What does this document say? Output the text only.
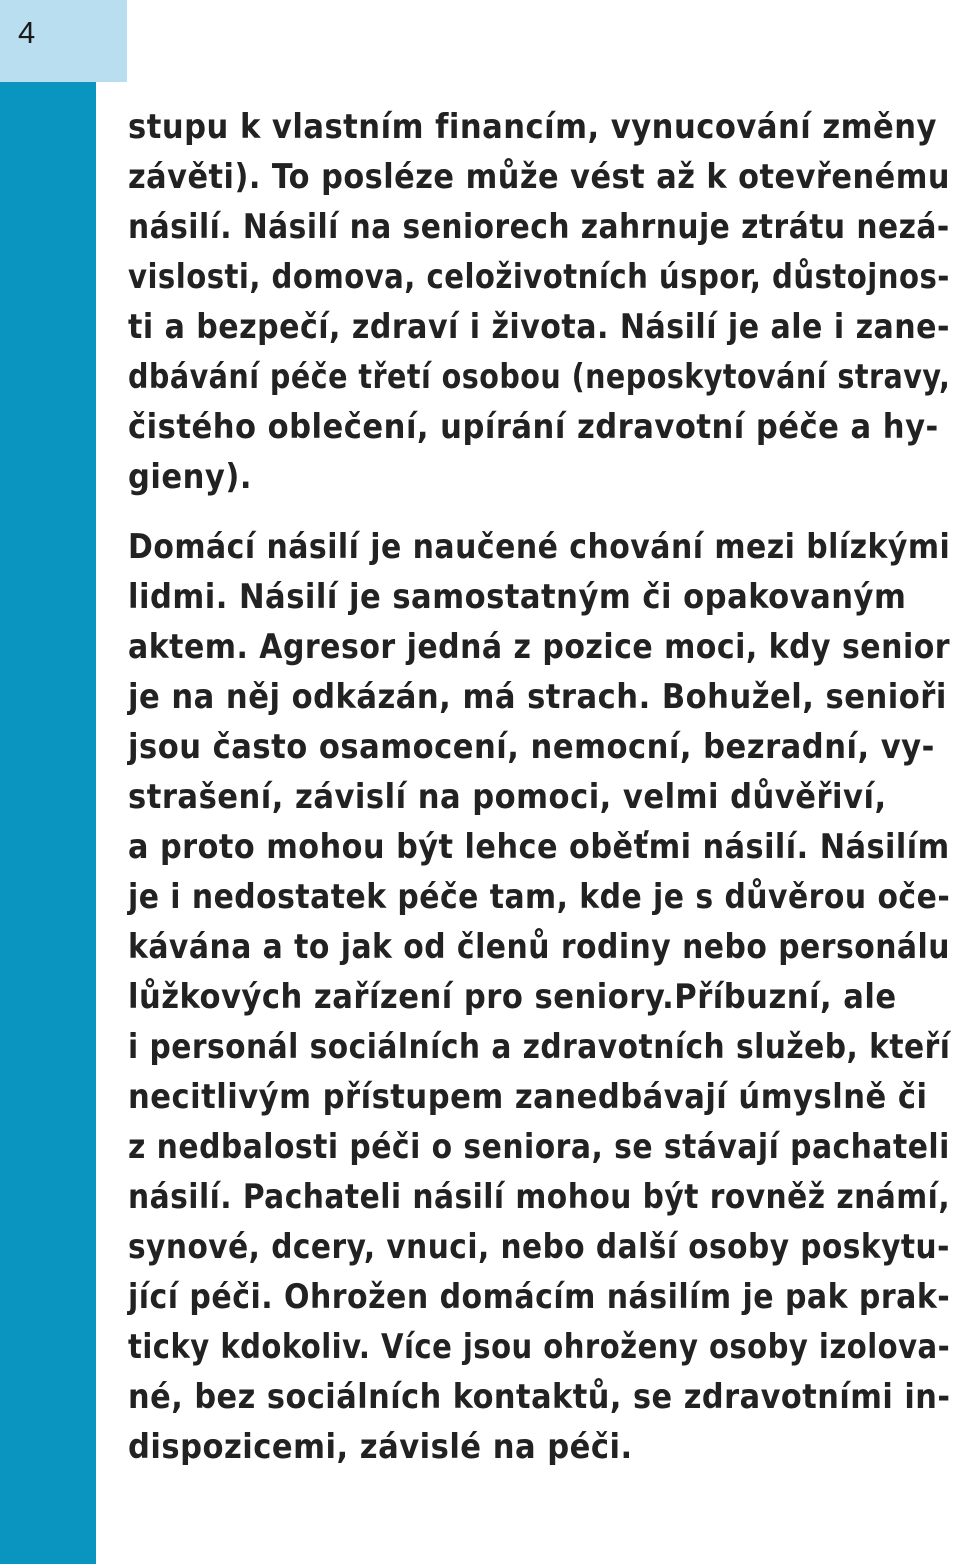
4
stupu k vlastním financím, vynucování změny
závěti). To posléze může vést až k otevřenému
násilí. Násilí na seniorech zahrnuje ztrátu nezá-
vislosti, domova, celoživotních úspor, důstojnos-
ti a bezpečí, zdraví i života. Násilí je ale i zane-
dbávání péče třetí osobou (neposkytování stravy,
čistého oblečení, upírání zdravotní péče a hy-
gieny).
Domácí násilí je naučené chování mezi blízkými
lidmi. Násilí je samostatným či opakovaným
aktem. Agresor jedná z pozice moci, kdy senior
je na něj odkázán, má strach. Bohužel, senioři
jsou často osamocení, nemocní, bezradní, vy-
strašení, závislí na pomoci, velmi důvěřiví,
a proto mohou být lehce oběťmi násilí. Násilím
je i nedostatek péče tam, kde je s důvěrou oče-
kávána a to jak od členů rodiny nebo personálu
lůžkových zařízení pro seniory.Příbuzní, ale
i personál sociálních a zdravotních služeb, kteří
necitlivým přístupem zanedbávají úmyslně či
z nedbalosti péči o seniora, se stávají pachateli
násilí. Pachateli násilí mohou být rovněž známí,
synové, dcery, vnuci, nebo další osoby poskytu-
jící péči. Ohrožen domácím násilím je pak prak-
ticky kdokoliv. Více jsou ohroženy osoby izolova-
né, bez sociálních kontaktů, se zdravotními in-
dispozicemi, závislé na péči.
